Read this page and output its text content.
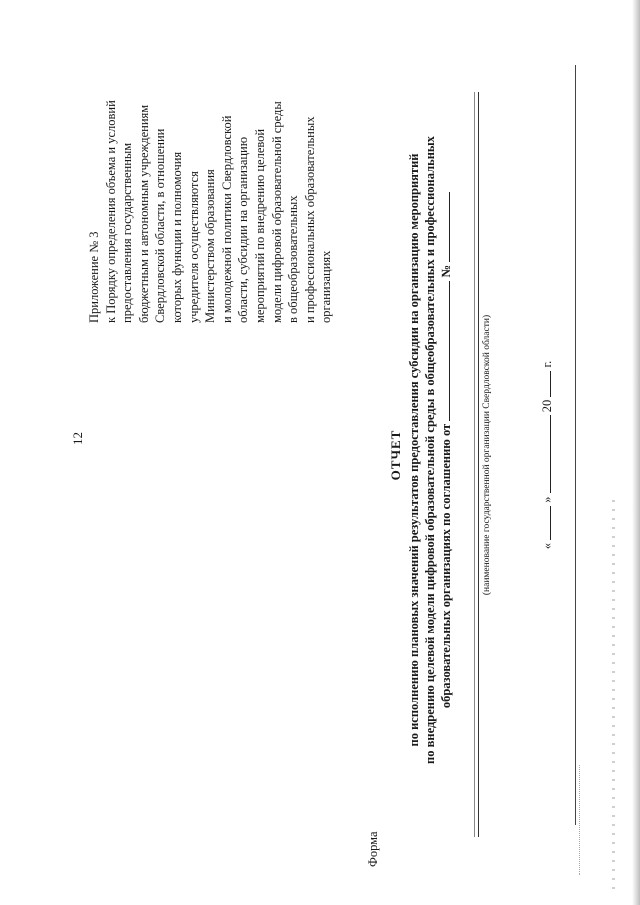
12
Приложение № 3 к Порядку определения объема и условий предоставления государственным бюджетным и автономным учреждениям Свердловской области, в отношении которых функции и полномочия учредителя осуществляются Министерством образования и молодежной политики Свердловской области, субсидии на организацию мероприятий по внедрению целевой модели цифровой образовательной среды в общеобразовательных и профессиональных образовательных организациях
Форма
ОТЧЕТ по исполнению плановых значений результатов предоставления субсидии на организацию мероприятий по внедрению целевой модели цифровой образовательной среды в общеобразовательных и профессиональных образовательных организациях по соглашению от  №
(наименование государственной организации Свердловской области)	«  »  20  г.
